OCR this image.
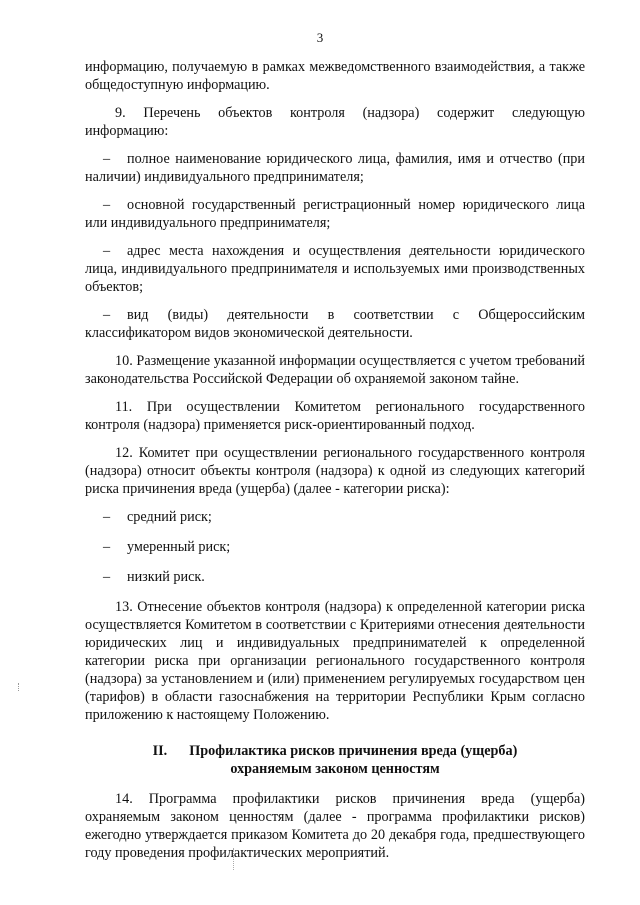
3

информацию, получаемую в рамках межведомственного взаимодействия, а также общедоступную информацию.

9. Перечень объектов контроля (надзора) содержит следующую информацию:

– полное наименование юридического лица, фамилия, имя и отчество (при наличии) индивидуального предпринимателя;

– основной государственный регистрационный номер юридического лица или индивидуального предпринимателя;

– адрес места нахождения и осуществления деятельности юридического лица, индивидуального предпринимателя и используемых ими производственных объектов;

– вид (виды) деятельности в соответствии с Общероссийским классификатором видов экономической деятельности.

10. Размещение указанной информации осуществляется с учетом требований законодательства Российской Федерации об охраняемой законом тайне.

11. При осуществлении Комитетом регионального государственного контроля (надзора) применяется риск-ориентированный подход.

12. Комитет при осуществлении регионального государственного контроля (надзора) относит объекты контроля (надзора) к одной из следующих категорий риска причинения вреда (ущерба) (далее - категории риска):

– средний риск;

– умеренный риск;

– низкий риск.

13. Отнесение объектов контроля (надзора) к определенной категории риска осуществляется Комитетом в соответствии с Критериями отнесения деятельности юридических лиц и индивидуальных предпринимателей к определенной категории риска при организации регионального государственного контроля (надзора) за установлением и (или) применением регулируемых государством цен (тарифов) в области газоснабжения на территории Республики Крым согласно приложению к настоящему Положению.

II. Профилактика рисков причинения вреда (ущерба)
охраняемым законом ценностям

14. Программа профилактики рисков причинения вреда (ущерба) охраняемым законом ценностям (далее - программа профилактики рисков) ежегодно утверждается приказом Комитета до 20 декабря года, предшествующего году проведения профилактических мероприятий.
